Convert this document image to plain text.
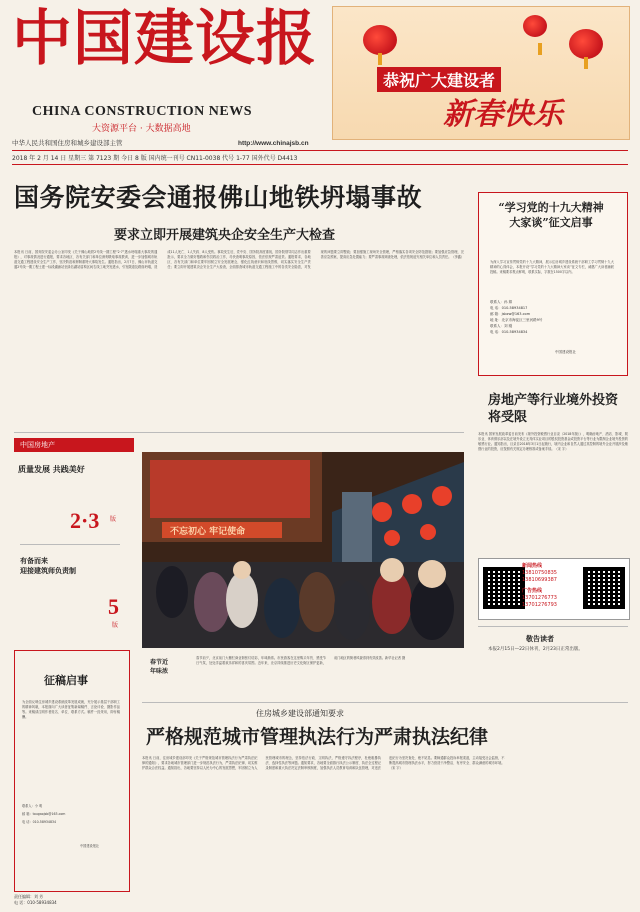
中国建设报
CHINA CONSTRUCTION NEWS
大资源平台 · 大数据高地
中华人民共和国住房和城乡建设部主管	http://www.chinajsb.cn
2018 年 2 月 14 日 星期三 第 7123 期 今日 8 版 国内统一刊号 CN11-0038 代号 1-77 国外代号 D4413
恭祝广大建设者
新春快乐
国务院安委会通报佛山地铁坍塌事故
要求立即开展建筑央企安全生产大检查
本报讯 日前，国务院安委会办公室印发《关于佛山地铁2号线一期工程“2·7”透水坍塌重大事故的通报》，对事故情况进行通报，要求各地区、各有关部门和单位深刻吸取事故教训，进一步加强城市轨道交通工程建设安全生产工作，坚决防范和遏制重特大事故发生。通报指出，2月7日，佛山市轨道交通2号线一期工程土建一标段湖涌站至绿岛湖站盾构区间右线工地突发透水，引发隧道及路面坍塌，造成11人死亡、1人失踪、8人受伤。事故发生后，党中央、国务院高度重视，国务院领导同志作出重要批示，要求全力做好搜救和伤员救治工作，尽快查明事故原因，依法依规严肃追责。通报要求，各地区、各有关部门和单位要牢固树立安全发展理念，强化红线意识和底线思维，切实落实安全生产责任；要立即开展建筑央企安全生产大检查，全面排查城市轨道交通工程施工中的各类安全隐患，对发现的问题要立即整改；要加强施工现场安全管理，严格落实各项安全防范措施；要加强应急管理，完善应急预案，提高应急处置能力；要严肃事故调查处理，依法依规追究相关单位和人员责任。（李鑫）
“学习党的十九大精神大家谈”征文启事
为深入学习宣传贯彻党的十九大精神，展示住房城乡建设系统干部职工学习贯彻十九大精神的心得体会，本报开设“学习党的十九大精神大家谈”征文专栏，诚邀广大读者踊跃投稿。来稿要求观点鲜明，联系实际，字数在1500字以内。
联系人：孙 婧
电 话：010-58934817
邮 箱：jsbzw@163.com
地 址：北京市海淀区三里河路9号
联系人：刘 刚
电 话：010-58934834
中国建设报社
房地产等行业境外投资将受限
本报讯 国家发展改革委日前发布《境外投资敏感行业目录（2018年版）》，明确房地产、酒店、影城、娱乐业、体育俱乐部以及在境外设立无具体实业项目的股权投资基金或投资平台等行业为限制企业境外投资的敏感行业。通知指出，目录自2018年3月1日起施行，境内企业和自然人通过其控制的境外企业开展涉及敏感行业的投资，应按照有关规定办理核准或备案手续。（宋 宇）
新闻热线
13810750835
13810699387
广告热线
13701276773
13701276793
敬告读者
本报2月15日—22日休刊，2月23日正常出版。
中国房地产
质量发展 共践美好
2·3 版
有备而来
迎接建筑师负责制
5
版
征稿启事
为全面反映住房城乡建设系统改革发展成就，充分展示基层干部职工的精神风貌，本报面向广大读者征集新闻稿件、言论评论、摄影作品等。来稿请注明作者姓名、单位、联系方式。稿件一经采用，即付稿酬。
联系人：小 明
邮 箱：tougaojsb@163.com
电 话：010-58934834
中国建设报社
不忘初心 牢记使命
春节近
年味浓
春节前夕，北京前门大栅栏商业街张灯结彩，年味渐浓。市民游客在这里购买年货、感受节日气氛，处处洋溢着欢乐祥和的喜庆氛围。近年来，北京持续推进历史文化街区保护更新，前门地区的街巷风貌得到有效改善。新华社记者 摄
住房城乡建设部通知要求
严格规范城市管理执法行为严肃执法纪律
本报讯 日前，住房城乡建设部印发《关于严格规范城市管理执法行为严肃执法纪律的通知》，要求各地城市管理部门进一步规范执法行为，严肃执法纪律，切实维护群众合法权益。通知指出，各地要坚持以人民为中心的发展思想，牢固树立为人民管理城市的理念，坚持依法行政、文明执法，严格遵守执法程序，杜绝粗暴执法、选择性执法等问题。通知要求，各地要全面推行执法公示制度、执法全过程记录制度和重大执法决定法制审核制度，加强执法人员教育培训和队伍管理，对违法违纪行为坚决查处、绝不姑息。要畅通群众投诉举报渠道，主动接受社会监督，不断提高城市管理执法水平，努力营造干净整洁、有序安全、群众满意的城市环境。（宋 宇）
责任编辑：刘 芳
电 话：010-58934834
